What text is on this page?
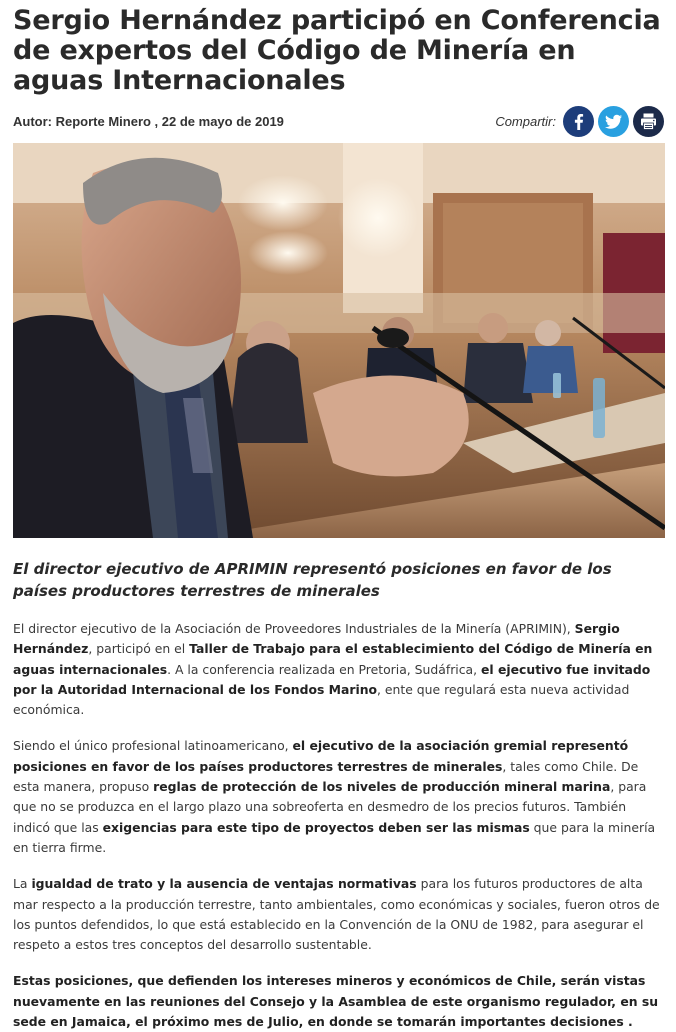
Sergio Hernández participó en Conferencia de expertos del Código de Minería en aguas Internacionales
Autor: Reporte Minero , 22 de mayo de 2019	Compartir:
El director ejecutivo de APRIMIN representó posiciones en favor de los países productores terrestres de minerales

El director ejecutivo de la Asociación de Proveedores Industriales de la Minería (APRIMIN), Sergio Hernández, participó en el Taller de Trabajo para el establecimiento del Código de Minería en aguas internacionales. A la conferencia realizada en Pretoria, Sudáfrica, el ejecutivo fue invitado por la Autoridad Internacional de los Fondos Marino, ente que regulará esta nueva actividad económica.

Siendo el único profesional latinoamericano, el ejecutivo de la asociación gremial representó posiciones en favor de los países productores terrestres de minerales, tales como Chile. De esta manera, propuso reglas de protección de los niveles de producción mineral marina, para que no se produzca en el largo plazo una sobreoferta en desmedro de los precios futuros. También indicó que las exigencias para este tipo de proyectos deben ser las mismas que para la minería en tierra firme.

La igualdad de trato y la ausencia de ventajas normativas para los futuros productores de alta mar respecto a la producción terrestre, tanto ambientales, como económicas y sociales, fueron otros de los puntos defendidos, lo que está establecido en la Convención de la ONU de 1982, para asegurar el respeto a estos tres conceptos del desarrollo sustentable.

Estas posiciones, que defienden los intereses mineros y económicos de Chile, serán vistas nuevamente en las reuniones del Consejo y la Asamblea de este organismo regulador, en su sede en Jamaica, el próximo mes de Julio, en donde se tomarán importantes decisiones .
